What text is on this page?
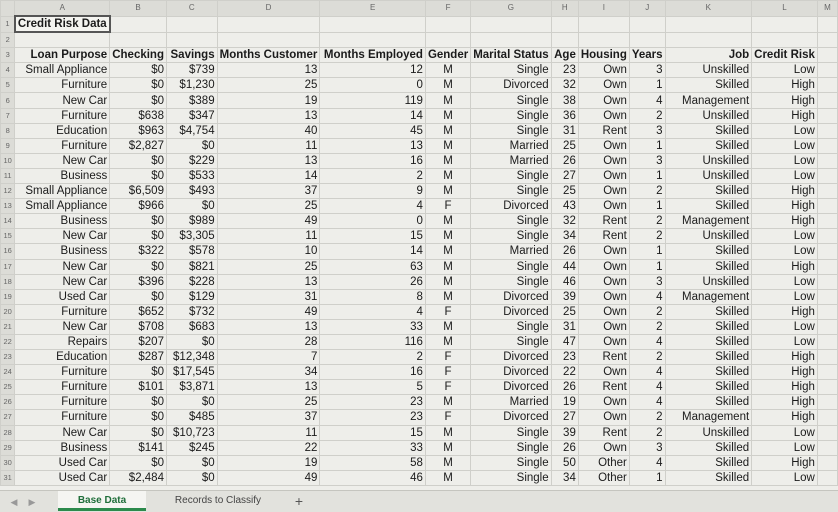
	A	B	C	D	E	F	G	H	I	J	K	L	M
1	Credit Risk Data												
2													
3	Loan Purpose	Checking	Savings	Months Customer	Months Employed	Gender	Marital Status	Age	Housing	Years	Job	Credit Risk	
4	Small Appliance	$0	$739	13	12	M	Single	23	Own	3	Unskilled	Low	
5	Furniture	$0	$1,230	25	0	M	Divorced	32	Own	1	Skilled	High	
6	New Car	$0	$389	19	119	M	Single	38	Own	4	Management	High	
7	Furniture	$638	$347	13	14	M	Single	36	Own	2	Unskilled	High	
8	Education	$963	$4,754	40	45	M	Single	31	Rent	3	Skilled	Low	
9	Furniture	$2,827	$0	11	13	M	Married	25	Own	1	Skilled	Low	
10	New Car	$0	$229	13	16	M	Married	26	Own	3	Unskilled	Low	
11	Business	$0	$533	14	2	M	Single	27	Own	1	Unskilled	Low	
12	Small Appliance	$6,509	$493	37	9	M	Single	25	Own	2	Skilled	High	
13	Small Appliance	$966	$0	25	4	F	Divorced	43	Own	1	Skilled	High	
14	Business	$0	$989	49	0	M	Single	32	Rent	2	Management	High	
15	New Car	$0	$3,305	11	15	M	Single	34	Rent	2	Unskilled	Low	
16	Business	$322	$578	10	14	M	Married	26	Own	1	Skilled	Low	
17	New Car	$0	$821	25	63	M	Single	44	Own	1	Skilled	High	
18	New Car	$396	$228	13	26	M	Single	46	Own	3	Unskilled	Low	
19	Used Car	$0	$129	31	8	M	Divorced	39	Own	4	Management	Low	
20	Furniture	$652	$732	49	4	F	Divorced	25	Own	2	Skilled	High	
21	New Car	$708	$683	13	33	M	Single	31	Own	2	Skilled	Low	
22	Repairs	$207	$0	28	116	M	Single	47	Own	4	Skilled	Low	
23	Education	$287	$12,348	7	2	F	Divorced	23	Rent	2	Skilled	High	
24	Furniture	$0	$17,545	34	16	F	Divorced	22	Own	4	Skilled	High	
25	Furniture	$101	$3,871	13	5	F	Divorced	26	Rent	4	Skilled	High	
26	Furniture	$0	$0	25	23	M	Married	19	Own	4	Skilled	High	
27	Furniture	$0	$485	37	23	F	Divorced	27	Own	2	Management	High	
28	New Car	$0	$10,723	11	15	M	Single	39	Rent	2	Unskilled	Low	
29	Business	$141	$245	22	33	M	Single	26	Own	3	Skilled	Low	
30	Used Car	$0	$0	19	58	M	Single	50	Other	4	Skilled	High	
31	Used Car	$2,484	$0	49	46	M	Single	34	Other	1	Skilled	Low	
◀ ▶	Base Data	Records to Classify	+
